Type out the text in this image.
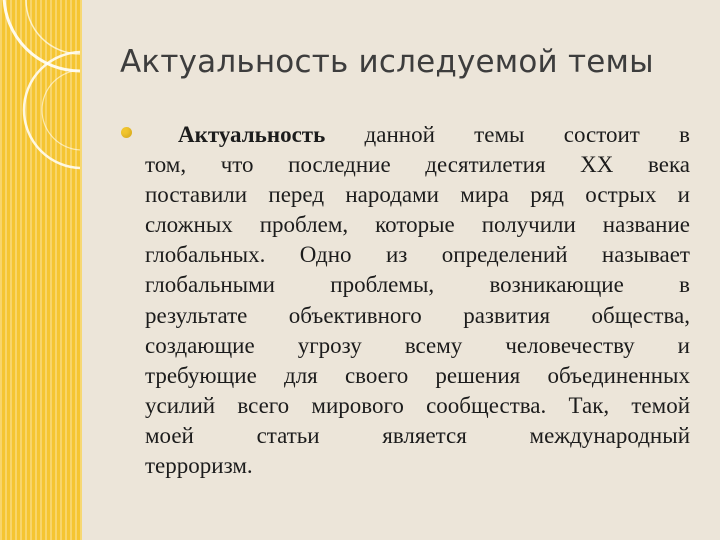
Актуальность иследуемой темы
Актуальность данной темы состоит в
том, что последние десятилетия XX века
поставили перед народами мира ряд острых и
сложных проблем, которые получили название
глобальных. Одно из определений называет
глобальными проблемы, возникающие в
результате объективного развития общества,
создающие угрозу всему человечеству и
требующие для своего решения объединенных
усилий всего мирового сообщества. Так, темой
моей статьи является международный
терроризм.
